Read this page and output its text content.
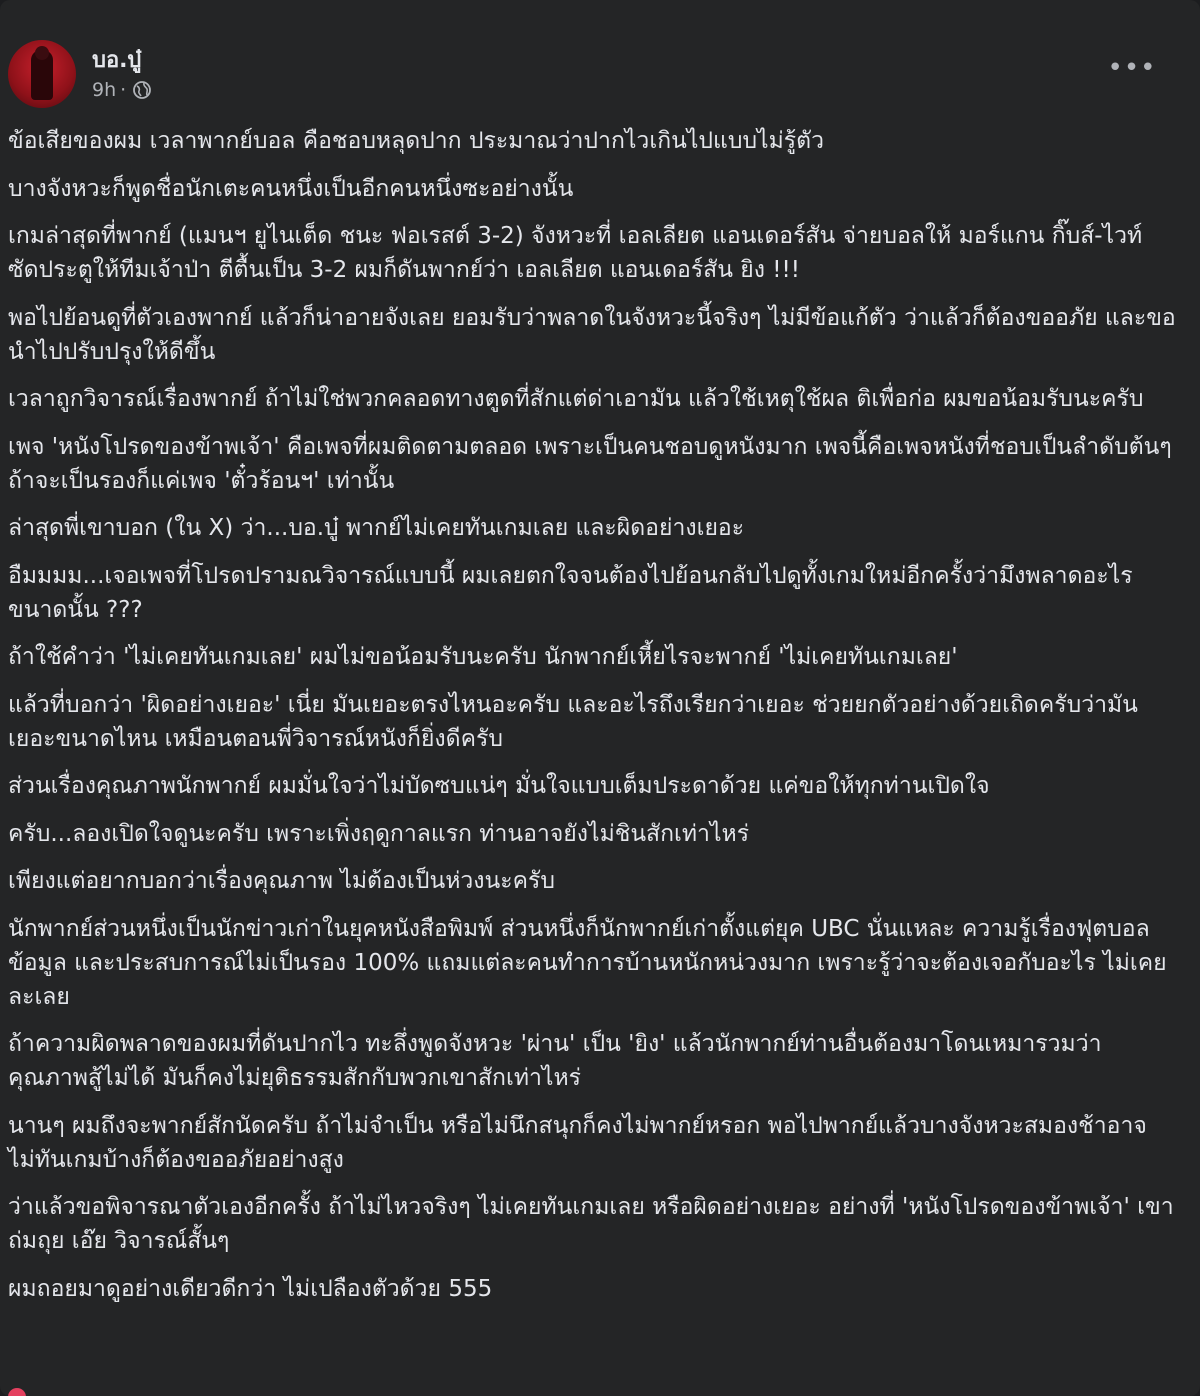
บอ.บู๋
9h ·
•••

ข้อเสียของผม เวลาพากย์บอล คือชอบหลุดปาก ประมาณว่าปากไวเกินไปแบบไม่รู้ตัว

บางจังหวะก็พูดชื่อนักเตะคนหนึ่งเป็นอีกคนหนึ่งซะอย่างนั้น

เกมล่าสุดที่พากย์ (แมนฯ ยูไนเต็ด ชนะ ฟอเรสต์ 3-2) จังหวะที่ เอลเลียต แอนเดอร์สัน จ่ายบอลให้ มอร์แกน กิ๊บส์-ไวท์ ซัดประตูให้ทีมเจ้าป่า ตีตื้นเป็น 3-2 ผมก็ดันพากย์ว่า เอลเลียต แอนเดอร์สัน ยิง !!!

พอไปย้อนดูที่ตัวเองพากย์ แล้วก็น่าอายจังเลย ยอมรับว่าพลาดในจังหวะนี้จริงๆ ไม่มีข้อแก้ตัว ว่าแล้วก็ต้องขออภัย และขอนำไปปรับปรุงให้ดีขึ้น

เวลาถูกวิจารณ์เรื่องพากย์ ถ้าไม่ใช่พวกคลอดทางตูดที่สักแต่ด่าเอามัน แล้วใช้เหตุใช้ผล ติเพื่อก่อ ผมขอน้อมรับนะครับ

เพจ 'หนังโปรดของข้าพเจ้า' คือเพจที่ผมติดตามตลอด เพราะเป็นคนชอบดูหนังมาก เพจนี้คือเพจหนังที่ชอบเป็นลำดับต้นๆ ถ้าจะเป็นรองก็แค่เพจ 'ตั๋วร้อนฯ' เท่านั้น

ล่าสุดพี่เขาบอก (ใน X) ว่า...บอ.บู๋ พากย์ไม่เคยทันเกมเลย และผิดอย่างเยอะ

อืมมมม...เจอเพจที่โปรดปรามณวิจารณ์แบบนี้ ผมเลยตกใจจนต้องไปย้อนกลับไปดูทั้งเกมใหม่อีกครั้งว่ามึงพลาดอะไรขนาดนั้น ???

ถ้าใช้คำว่า 'ไม่เคยทันเกมเลย' ผมไม่ขอน้อมรับนะครับ นักพากย์เหี้ยไรจะพากย์ 'ไม่เคยทันเกมเลย'

แล้วที่บอกว่า 'ผิดอย่างเยอะ' เนี่ย มันเยอะตรงไหนอะครับ และอะไรถึงเรียกว่าเยอะ ช่วยยกตัวอย่างด้วยเถิดครับว่ามันเยอะขนาดไหน เหมือนตอนพี่วิจารณ์หนังก็ยิ่งดีครับ

ส่วนเรื่องคุณภาพนักพากย์ ผมมั่นใจว่าไม่บัดซบแน่ๆ มั่นใจแบบเต็มประดาด้วย แค่ขอให้ทุกท่านเปิดใจ

ครับ...ลองเปิดใจดูนะครับ เพราะเพิ่งฤดูกาลแรก ท่านอาจยังไม่ชินสักเท่าไหร่

เพียงแต่อยากบอกว่าเรื่องคุณภาพ ไม่ต้องเป็นห่วงนะครับ

นักพากย์ส่วนหนึ่งเป็นนักข่าวเก่าในยุคหนังสือพิมพ์ ส่วนหนึ่งก็นักพากย์เก่าตั้งแต่ยุค UBC นั่นแหละ ความรู้เรื่องฟุตบอล ข้อมูล และประสบการณ์ไม่เป็นรอง 100% แถมแต่ละคนทำการบ้านหนักหน่วงมาก เพราะรู้ว่าจะต้องเจอกับอะไร ไม่เคยละเลย

ถ้าความผิดพลาดของผมที่ดันปากไว ทะลึ่งพูดจังหวะ 'ผ่าน' เป็น 'ยิง' แล้วนักพากย์ท่านอื่นต้องมาโดนเหมารวมว่าคุณภาพสู้ไม่ได้ มันก็คงไม่ยุติธรรมสักกับพวกเขาสักเท่าไหร่

นานๆ ผมถึงจะพากย์สักนัดครับ ถ้าไม่จำเป็น หรือไม่นึกสนุกก็คงไม่พากย์หรอก พอไปพากย์แล้วบางจังหวะสมองช้าอาจไม่ทันเกมบ้างก็ต้องขออภัยอย่างสูง

ว่าแล้วขอพิจารณาตัวเองอีกครั้ง ถ้าไม่ไหวจริงๆ ไม่เคยทันเกมเลย หรือผิดอย่างเยอะ อย่างที่ 'หนังโปรดของข้าพเจ้า' เขาถ่มถุย เอ๊ย วิจารณ์สั้นๆ

ผมถอยมาดูอย่างเดียวดีกว่า ไม่เปลืองตัวด้วย 555
